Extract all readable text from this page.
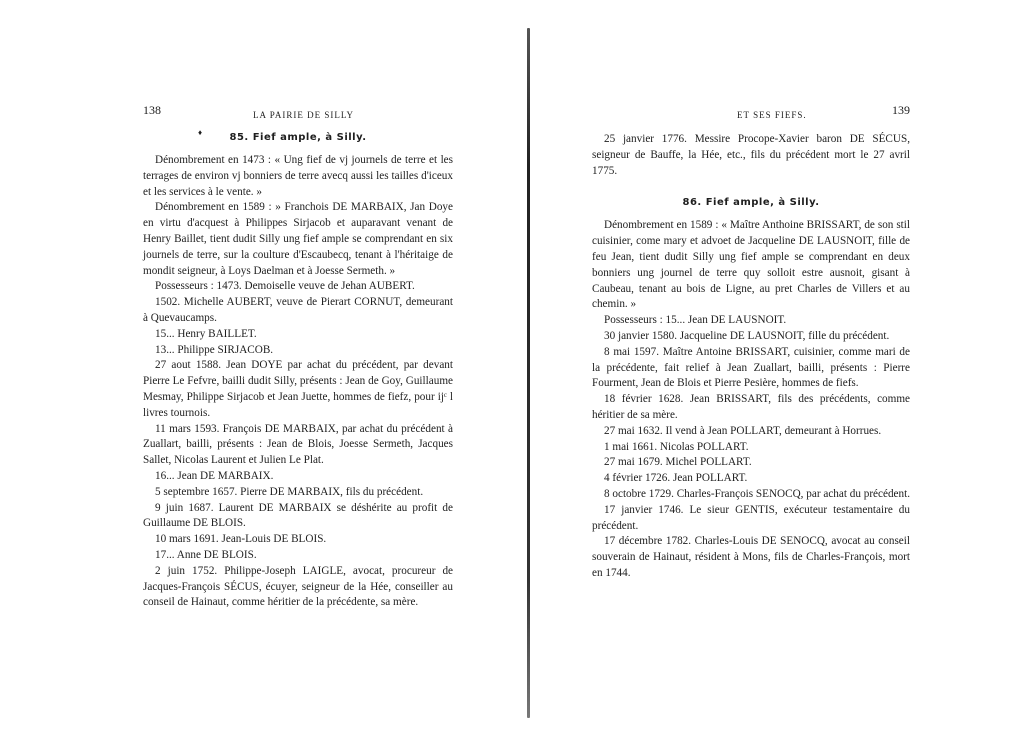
138	LA PAIRIE DE SILLY
85. Fief ample, à Silly.

Dénombrement en 1473 : « Ung fief de vj journels de terre et les terrages de environ vj bonniers de terre avecq aussi les tailles d'iceux et les services à le vente. »

Dénombrement en 1589 : » Franchois DE MARBAIX, Jan Doye en virtu d'acquest à Philippes Sirjacob et auparavant venant de Henry Baillet, tient dudit Silly ung fief ample se comprendant en six journels de terre, sur la coulture d'Escaubecq, tenant à l'héritaige de mondit seigneur, à Loys Daelman et à Joesse Sermeth. »

Possesseurs : 1473. Demoiselle veuve de Jehan AUBERT.

1502. Michelle AUBERT, veuve de Pierart CORNUT, demeurant à Quevaucamps.

15... Henry BAILLET.

13... Philippe SIRJACOB.

27 aout 1588. Jean DOYE par achat du précédent, par devant Pierre Le Fefvre, bailli dudit Silly, présents : Jean de Goy, Guillaume Mesmay, Philippe Sirjacob et Jean Juette, hommes de fiefz, pour ijᶜ l livres tournois.

11 mars 1593. François DE MARBAIX, par achat du précédent à Zuallart, bailli, présents : Jean de Blois, Joesse Sermeth, Jacques Sallet, Nicolas Laurent et Julien Le Plat.

16... Jean DE MARBAIX.

5 septembre 1657. Pierre DE MARBAIX, fils du précédent.

9 juin 1687. Laurent DE MARBAIX se déshérite au profit de Guillaume DE BLOIS.

10 mars 1691. Jean-Louis DE BLOIS.

17... Anne DE BLOIS.

2 juin 1752. Philippe-Joseph LAIGLE, avocat, procureur de Jacques-François SÉCUS, écuyer, seigneur de la Hée, conseiller au conseil de Hainaut, comme héritier de la précédente, sa mère.

ET SES FIEFS.	139

25 janvier 1776. Messire Procope-Xavier baron DE SÉCUS, seigneur de Bauffe, la Hée, etc., fils du précédent mort le 27 avril 1775.

86. Fief ample, à Silly.

Dénombrement en 1589 : « Maître Anthoine BRISSART, de son stil cuisinier, come mary et advoet de Jacqueline DE LAUSNOIT, fille de feu Jean, tient dudit Silly ung fief ample se comprendant en deux bonniers ung journel de terre quy solloit estre ausnoit, gisant à Caubeau, tenant au bois de Ligne, au pret Charles de Villers et au chemin. »

Possesseurs : 15... Jean DE LAUSNOIT.

30 janvier 1580. Jacqueline DE LAUSNOIT, fille du précédent.

8 mai 1597. Maître Antoine BRISSART, cuisinier, comme mari de la précédente, fait relief à Jean Zuallart, bailli, présents : Pierre Fourment, Jean de Blois et Pierre Pesière, hommes de fiefs.

18 février 1628. Jean BRISSART, fils des précédents, comme héritier de sa mère.

27 mai 1632. Il vend à Jean POLLART, demeurant à Horrues.

1 mai 1661. Nicolas POLLART.

27 mai 1679. Michel POLLART.

4 février 1726. Jean POLLART.

8 octobre 1729. Charles-François SENOCQ, par achat du précédent.

17 janvier 1746. Le sieur GENTIS, exécuteur testamentaire du précédent.

17 décembre 1782. Charles-Louis DE SENOCQ, avocat au conseil souverain de Hainaut, résident à Mons, fils de Charles-François, mort en 1744.

♦
